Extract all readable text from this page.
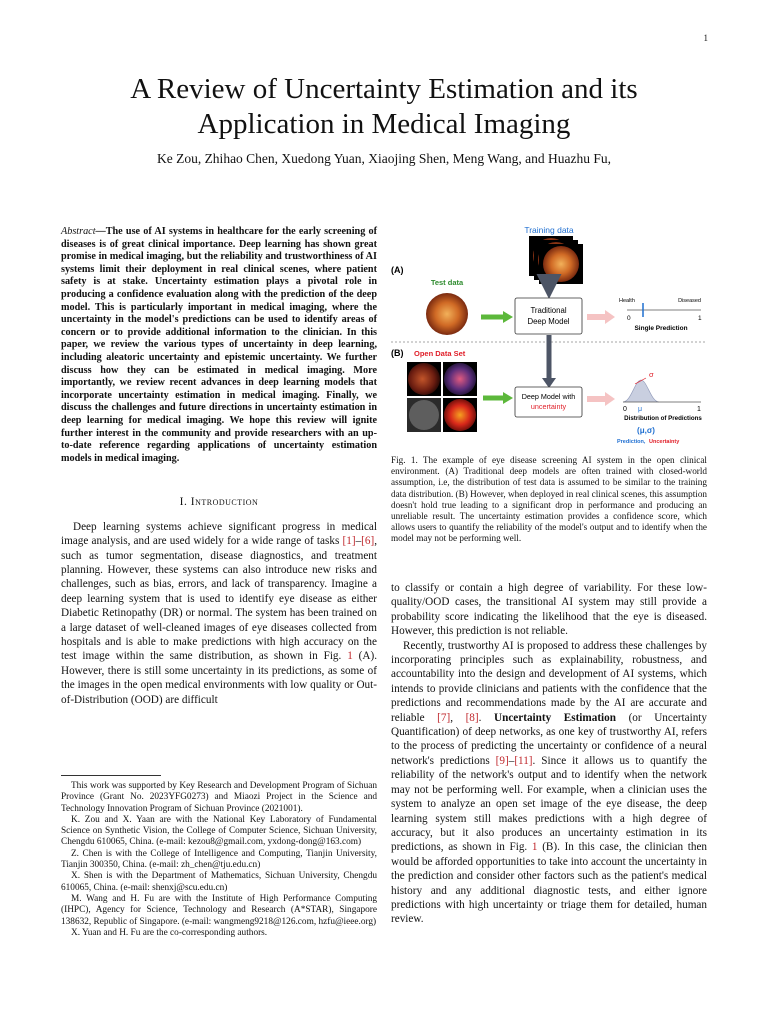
1
A Review of Uncertainty Estimation and its
Application in Medical Imaging
Ke Zou, Zhihao Chen, Xuedong Yuan, Xiaojing Shen, Meng Wang, and Huazhu Fu,
Abstract—The use of AI systems in healthcare for the early screening of diseases is of great clinical importance. Deep learning has shown great promise in medical imaging, but the reliability and trustworthiness of AI systems limit their deployment in real clinical scenes, where patient safety is at stake. Uncertainty estimation plays a pivotal role in producing a confidence evaluation along with the prediction of the deep model. This is particularly important in medical imaging, where the uncertainty in the model's predictions can be used to identify areas of concern or to provide additional information to the clinician. In this paper, we review the various types of uncertainty in deep learning, including aleatoric uncertainty and epistemic uncertainty. We further discuss how they can be estimated in medical imaging. More importantly, we review recent advances in deep learning models that incorporate uncertainty estimation in medical imaging. Finally, we discuss the challenges and future directions in uncertainty estimation in deep learning for medical imaging. We hope this review will ignite further interest in the community and provide researchers with an up-to-date reference regarding applications of uncertainty estimation models in medical imaging.

I. Introduction

Deep learning systems achieve significant progress in medical image analysis, and are used widely for a wide range of tasks [1]–[6], such as tumor segmentation, disease diagnostics, and treatment planning. However, these systems can also introduce new risks and challenges, such as bias, errors, and lack of transparency. Imagine a deep learning system that is used to identify eye disease as either Diabetic Retinopathy (DR) or normal. The system has been trained on a large dataset of well-cleaned images of eye diseases collected from hospitals and is able to make predictions with high accuracy on the test image within the same distribution, as shown in Fig. 1 (A). However, there is still some uncertainty in its predictions, as some of the images in the open medical environments with low quality or Out-of-Distribution (OOD) are difficult

This work was supported by Key Research and Development Program of Sichuan Province (Grant No. 2023YFG0273) and Miaozi Project in the Science and Technology Innovation Program of Sichuan Province (2021001).

K. Zou and X. Yaan are with the National Key Laboratory of Fundamental Science on Synthetic Vision, the College of Computer Science, Sichuan University, Chengdu 610065, China. (e-mail: kezou8@gmail.com, yxdong-dong@163.com)

Z. Chen is with the College of Intelligence and Computing, Tianjin University, Tianjin 300350, China. (e-mail: zh_chen@tju.edu.cn)

X. Shen is with the Department of Mathematics, Sichuan University, Chengdu 610065, China. (e-mail: shenxj@scu.edu.cn)

M. Wang and H. Fu are with the Institute of High Performance Computing (IHPC), Agency for Science, Technology and Research (A*STAR), Singapore 138632, Republic of Singapore. (e-mail: wangmeng9218@126.com, hzfu@ieee.org)

X. Yuan and H. Fu are the co-corresponding authors.

Training data
(A)
Test data
Traditional
Deep Model
Health	Diseased
0	1
Single Prediction
(B) Open Data Set
Deep Model with
uncertainty
σ
0 μ	1
Distribution of Predictions
(μ,σ)
Prediction, Uncertainty
Fig. 1. The example of eye disease screening AI system in the open clinical environment. (A) Traditional deep models are often trained with closed-world assumption, i.e, the distribution of test data is assumed to be similar to the training data distribution. (B) However, when deployed in real clinical scenes, this assumption doesn't hold true leading to a significant drop in performance and producing an unreliable result. The uncertainty estimation provides a confidence score, which allows users to quantify the reliability of the model's output and to identify when the model may not be performing well.

to classify or contain a high degree of variability. For these low-quality/OOD cases, the transitional AI system may still provide a probability score indicating the likelihood that the eye is diseased. However, this prediction is not reliable.

Recently, trustworthy AI is proposed to address these challenges by incorporating principles such as explainability, robustness, and accountability into the design and development of AI systems, which intends to provide clinicians and patients with the confidence that the predictions and recommendations made by the AI are accurate and reliable [7], [8]. Uncertainty Estimation (or Uncertainty Quantification) of deep networks, as one key of trustworthy AI, refers to the process of predicting the uncertainty or confidence of a neural network's predictions [9]–[11]. Since it allows us to quantify the reliability of the network's output and to identify when the network may not be performing well. For example, when a clinician uses the system to analyze an open set image of the eye disease, the deep learning system still makes predictions with a high degree of accuracy, but it also produces an uncertainty estimation in its predictions, as shown in Fig. 1 (B). In this case, the clinician then would be afforded opportunities to take into account the uncertainty in the prediction and consider other factors such as the patient's medical history and any additional diagnostic tests, and either ignore predictions with high uncertainty or triage them for detailed, human review.
